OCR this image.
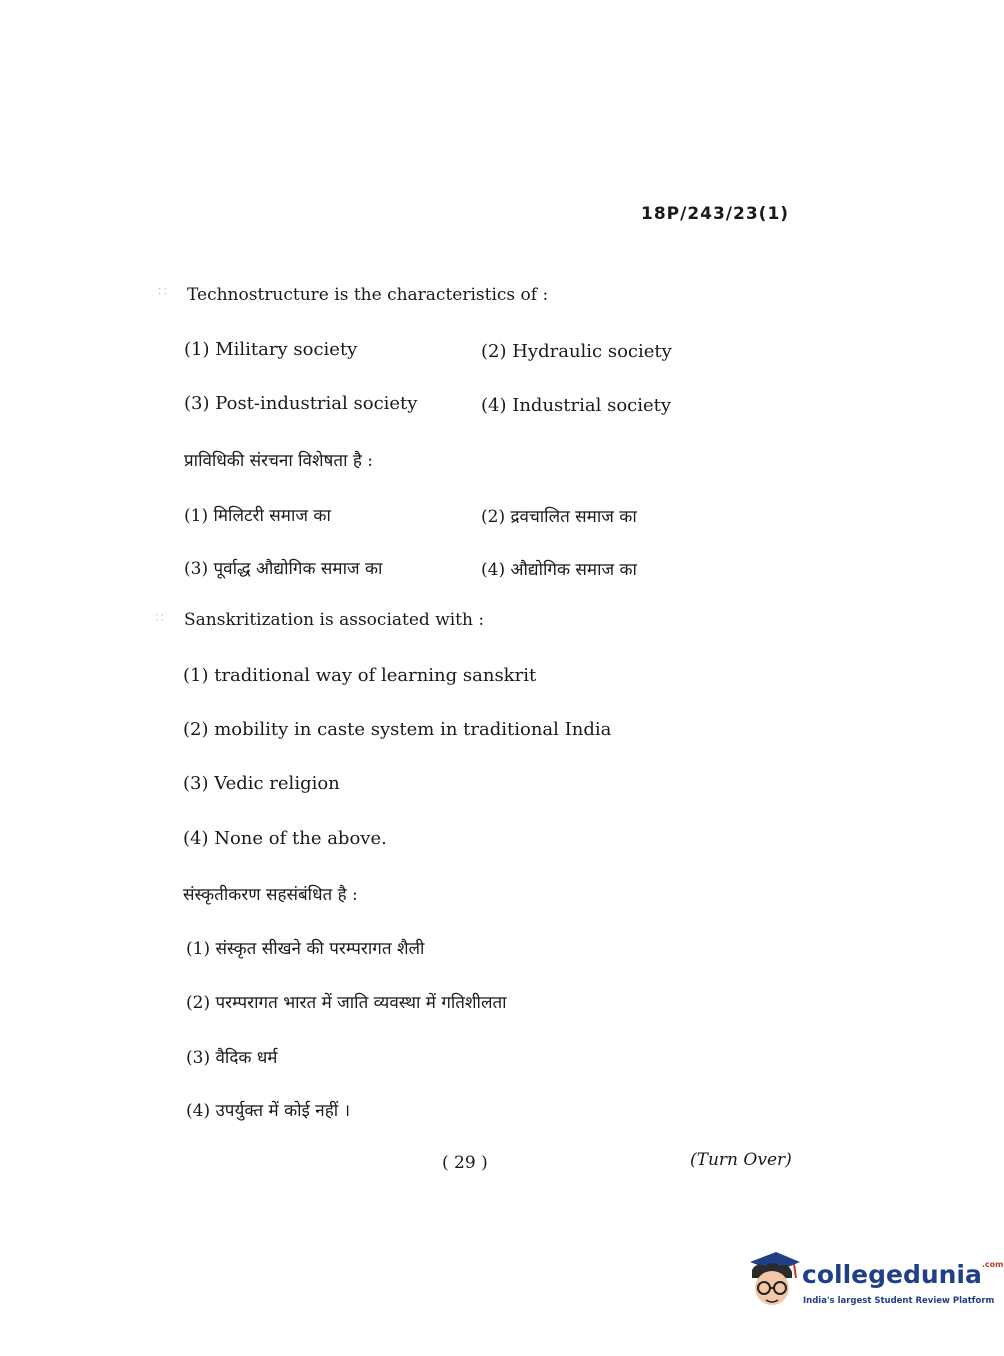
18P/243/23(1)
∷ Technostructure is the characteristics of :
(1) Military society	(2) Hydraulic society
(3) Post-industrial society	(4) Industrial society
प्राविधिकी संरचना विशेषता है :
(1) मिलिटरी समाज का	(2) द्रवचालित समाज का
(3) पूर्वाद्ध औद्योगिक समाज का	(4) औद्योगिक समाज का
∷ Sanskritization is associated with :
(1) traditional way of learning sanskrit
(2) mobility in caste system in traditional India
(3) Vedic religion
(4) None of the above.
संस्कृतीकरण सहसंबंधित है :
(1) संस्कृत सीखने की परम्परागत शैली
(2) परम्परागत भारत में जाति व्यवस्था में गतिशीलता
(3) वैदिक धर्म
(4) उपर्युक्त में कोई नहीं ।
( 29 )	(Turn Over)
collegedunia$^{.com}$
India's largest Student Review Platform
